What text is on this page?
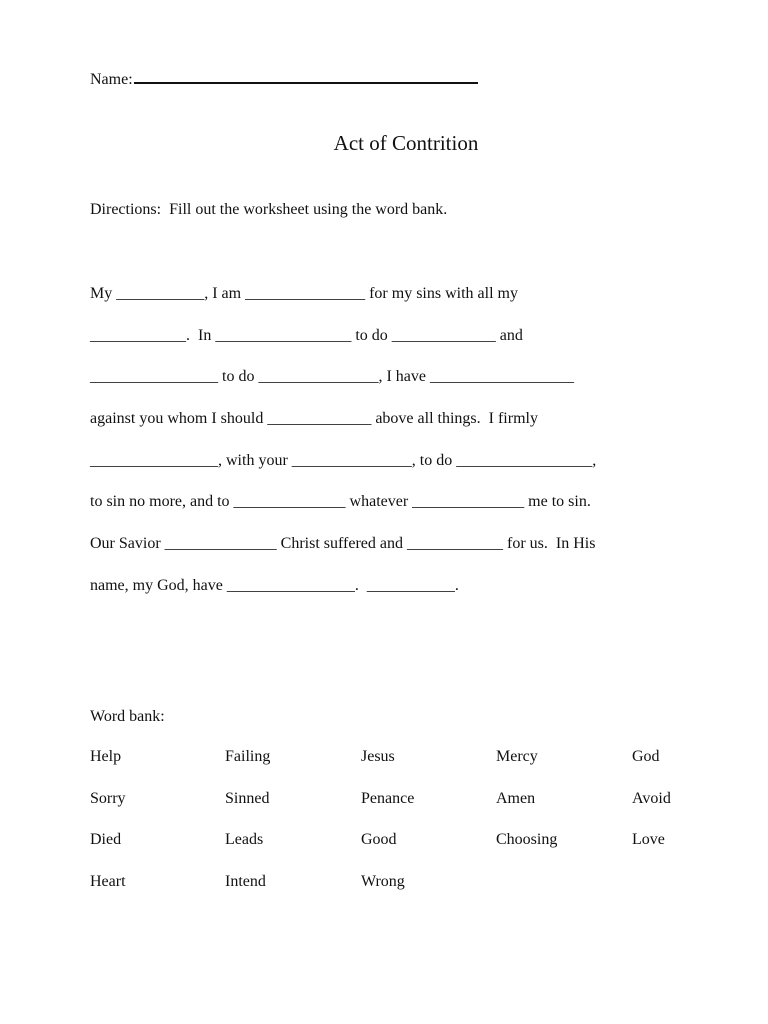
Name:
Act of Contrition
Directions:  Fill out the worksheet using the word bank.
My ___________, I am _______________ for my sins with all my
____________.  In _________________ to do _____________ and
________________ to do _______________, I have __________________
against you whom I should _____________ above all things.  I firmly
________________, with your _______________, to do _________________,
to sin no more, and to ______________ whatever ______________ me to sin.
Our Savior ______________ Christ suffered and ____________ for us.  In His
name, my God, have ________________.  ___________.
Word bank:
Help	Failing	Jesus	Mercy	God
Sorry	Sinned	Penance	Amen	Avoid
Died	Leads	Good	Choosing	Love
Heart	Intend	Wrong
